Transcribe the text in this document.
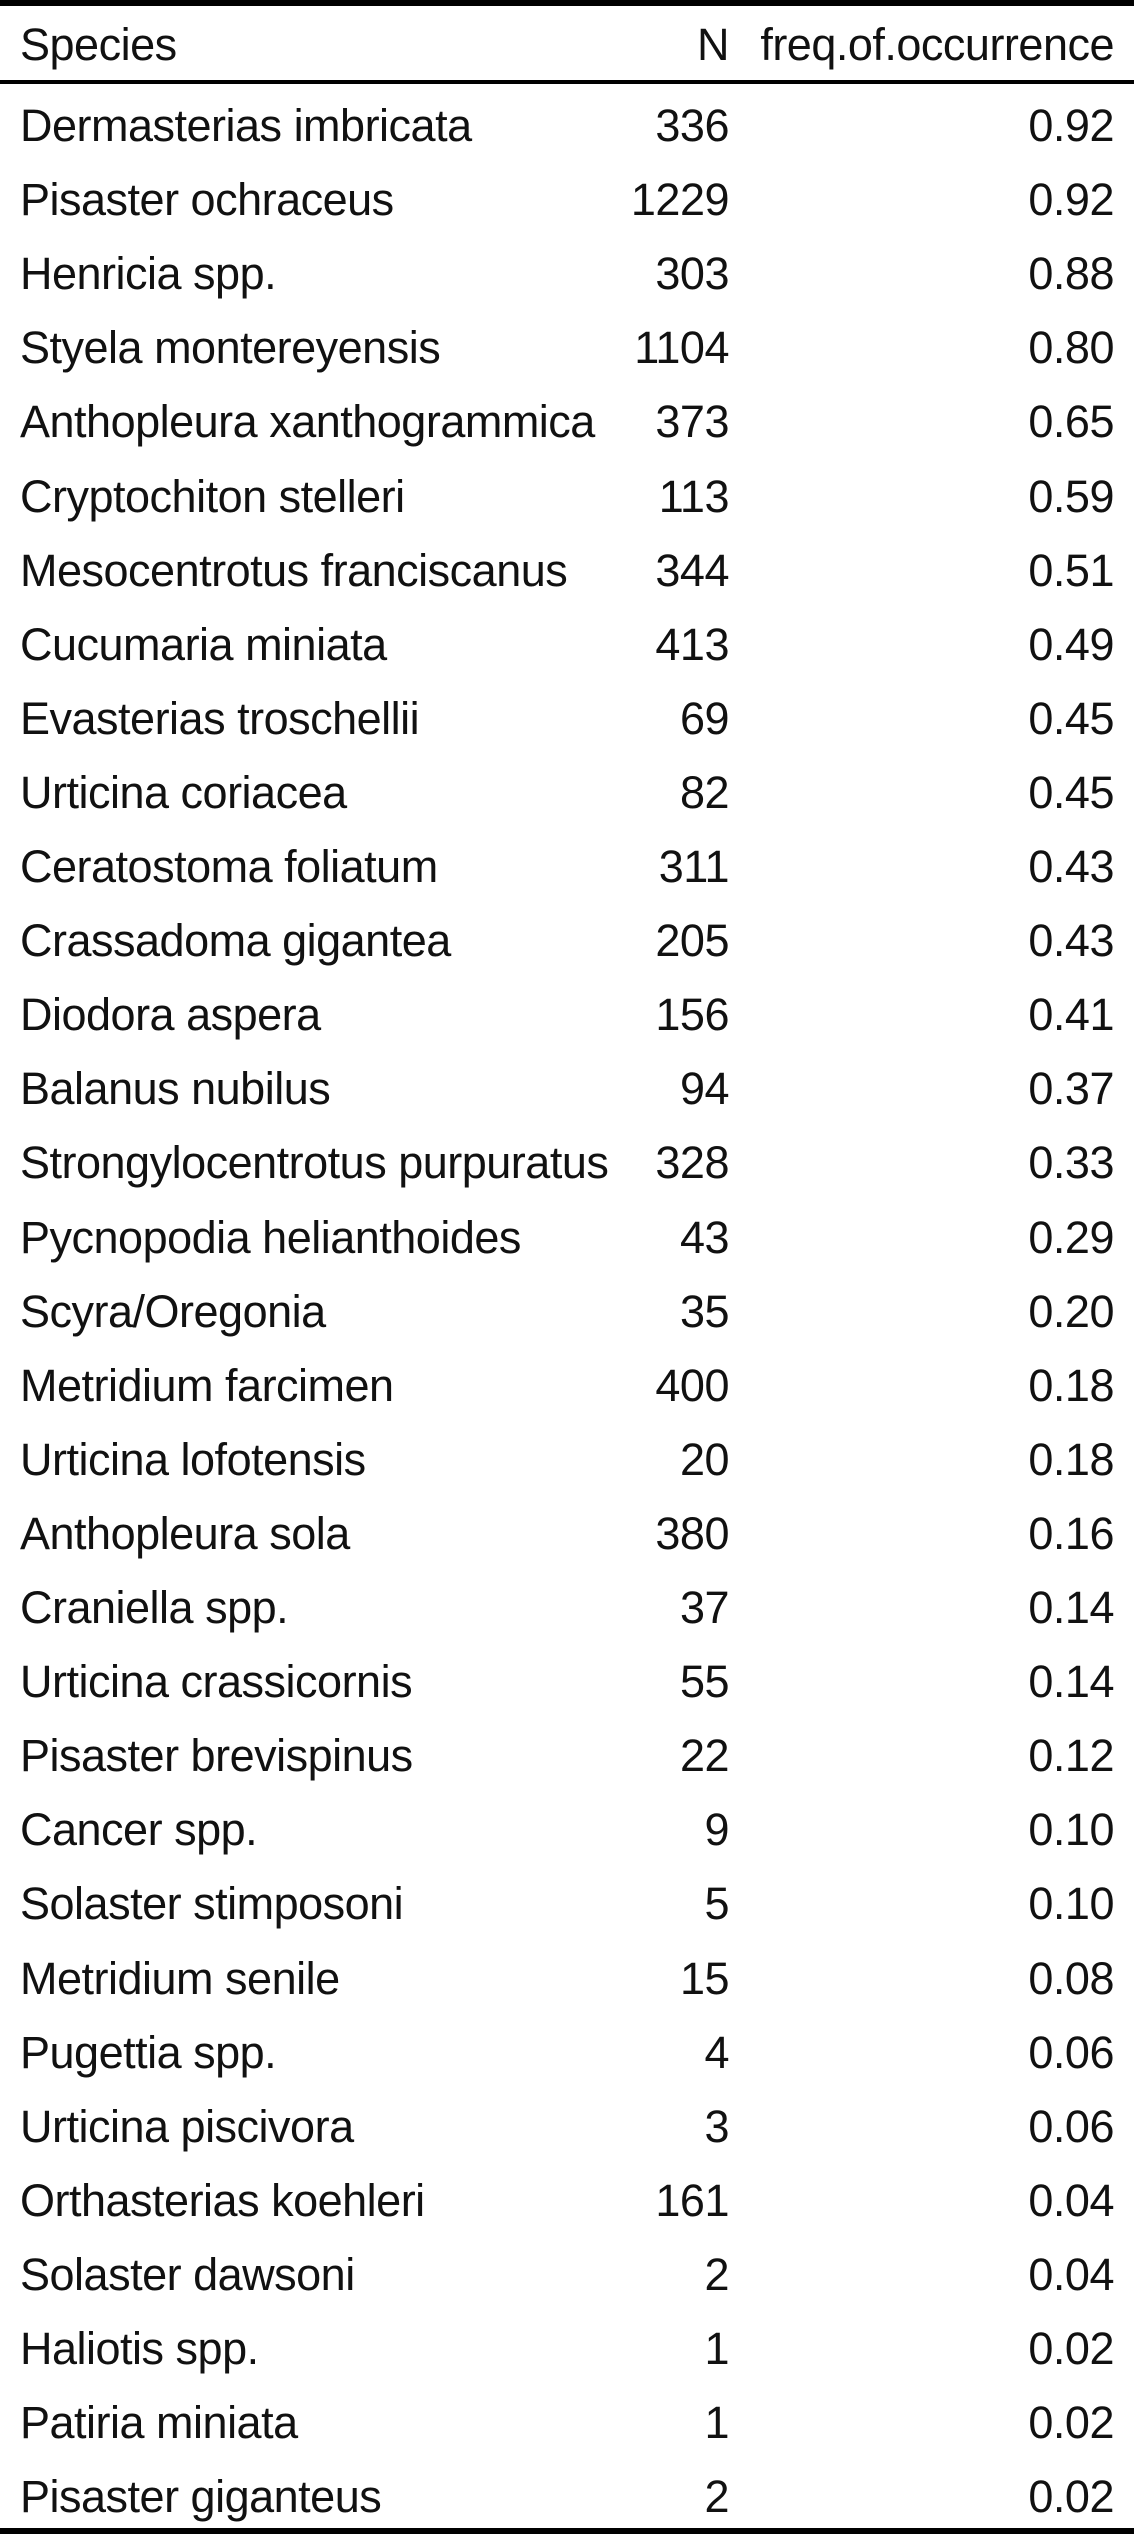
Species	N freq.of.occurrence
Dermasterias imbricata	336	0.92
Pisaster ochraceus	1229	0.92
Henricia spp.	303	0.88
Styela montereyensis	1104	0.80
Anthopleura xanthogrammica 373	0.65
Cryptochiton stelleri	113	0.59
Mesocentrotus franciscanus 344	0.51
Cucumaria miniata	413	0.49
Evasterias troschellii	69	0.45
Urticina coriacea	82	0.45
Ceratostoma foliatum	311	0.43
Crassadoma gigantea	205	0.43
Diodora aspera	156	0.41
Balanus nubilus	94	0.37
Strongylocentrotus purpuratus 328	0.33
Pycnopodia helianthoides	43	0.29
Scyra/Oregonia	35	0.20
Metridium farcimen	400	0.18
Urticina lofotensis	20	0.18
Anthopleura sola	380	0.16
Craniella spp.	37	0.14
Urticina crassicornis	55	0.14
Pisaster brevispinus	22	0.12
Cancer spp.	9	0.10
Solaster stimposoni	5	0.10
Metridium senile	15	0.08
Pugettia spp.	4	0.06
Urticina piscivora	3	0.06
Orthasterias koehleri	161	0.04
Solaster dawsoni	2	0.04
Haliotis spp.	1	0.02
Patiria miniata	1	0.02
Pisaster giganteus	2	0.02
